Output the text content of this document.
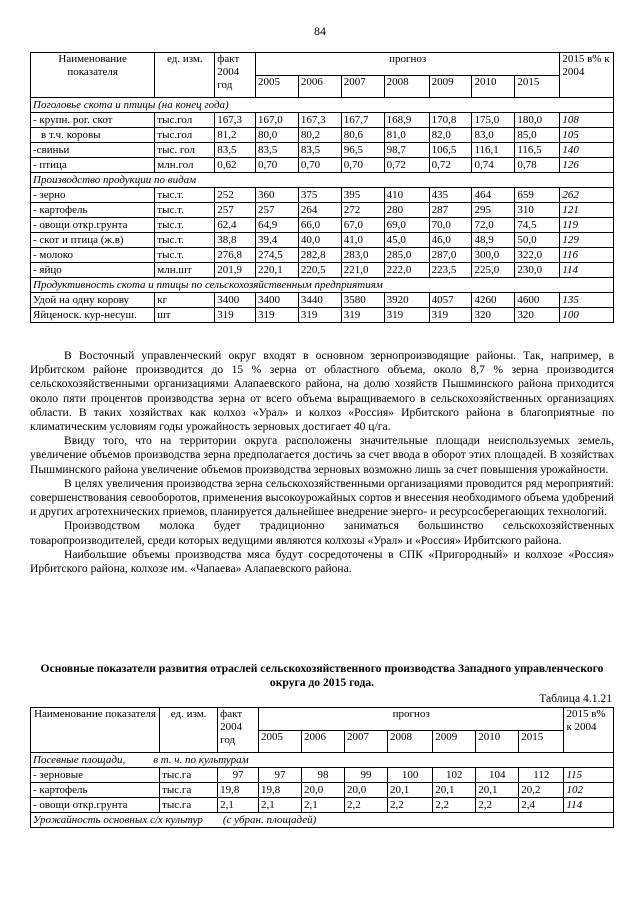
84
Наименование показателя	ед. изм.	факт 2004 год	прогноз							2015 в% к 2004
			2005	2006	2007	2008	2009	2010	2015	
Поголовье скота и птицы (на конец года)										
- крупн. рог. скот	тыс.гол	167,3	167,0	167,3	167,7	168,9	170,8	175,0	180,0	108
в т.ч. коровы	тыс.гол	81,2	80,0	80,2	80,6	81,0	82,0	83,0	85,0	105
-свиньи	тыс. гол	83,5	83,5	83,5	96,5	98,7	106,5	116,1	116,5	140
- птица	млн.гол	0,62	0,70	0,70	0,70	0,72	0,72	0,74	0,78	126
Производство продукции по видам										
- зерно	тыс.т.	252	360	375	395	410	435	464	659	262
- картофель	тыс.т.	257	257	264	272	280	287	295	310	121
- овощи откр.грунта	тыс.т.	62,4	64,9	66,0	67,0	69,0	70,0	72,0	74,5	119
- скот и птица (ж.в)	тыс.т.	38,8	39,4	40,0	41,0	45,0	46,0	48,9	50,0	129
- молоко	тыс.т.	276,8	274,5	282,8	283,0	285,0	287,0	300,0	322,0	116
- яйцо	млн.шт	201,9	220,1	220,5	221,0	222,0	223,5	225,0	230,0	114
Продуктивность скота и птицы по сельскохозяйственным предприятиям										
Удой на одну корову	кг	3400	3400	3440	3580	3920	4057	4260	4600	135
Яйценоск. кур-несуш.	шт	319	319	319	319	319	319	320	320	100

В Восточный управленческий округ входят в основном зернопроизводящие районы. Так, например, в Ирбитском районе производится до 15 % зерна от областного объема, около 8,7 % зерна производится сельскохозяйственными организациями Алапаевского района, на долю хозяйств Пышминского района приходится около пяти процентов производства зерна от всего объема выращиваемого в сельскохозяйственных организациях области. В таких хозяйствах как колхоз «Урал» и колхоз «Россия» Ирбитского района в благоприятные по климатическим условиям годы урожайность зерновых достигает 40 ц/га.

Ввиду того, что на территории округа расположены значительные площади неиспользуемых земель, увеличение объемов производства зерна предполагается достичь за счет ввода в оборот этих площадей. В хозяйствах Пышминского района увеличение объемов производства зерновых возможно лишь за счет повышения урожайности.

В целях увеличения производства зерна сельскохозяйственными организациями проводится ряд мероприятий: совершенствования севооборотов, применения высокоурожайных сортов и внесения необходимого объема удобрений и других агротехнических приемов, планируется дальнейшее внедрение энерго- и ресурсосберегающих технологий.

Производством молока будет традиционно заниматься большинство сельскохозяйственных товаропроизводителей, среди которых ведущими являются колхозы «Урал» и «Россия» Ирбитского района.

Наибольшие объемы производства мяса будут сосредоточены в СПК «Пригородный» и колхозе «Россия» Ирбитского района, колхозе им. «Чапаева» Алапаевского района.

Основные показатели развития отраслей сельскохозяйственного производства Западного управленческого округа до 2015 года.
Таблица 4.1.21
Наименование показателя	ед. изм.	факт 2004 год	прогноз							2015 в% к 2004
			2005	2006	2007	2008	2009	2010	2015	
Посевные площади, в т. ч. по культурам										
- зерновые	тыс.га	97	97	98	99	100	102	104	112	115
- картофель	тыс.га	19,8	19,8	20,0	20,0	20,1	20,1	20,1	20,2	102
- овощи откр.грунта	тыс.га	2,1	2,1	2,1	2,2	2,2	2,2	2,2	2,4	114
Урожайность основных с/х культур (с убран. площадей)										
